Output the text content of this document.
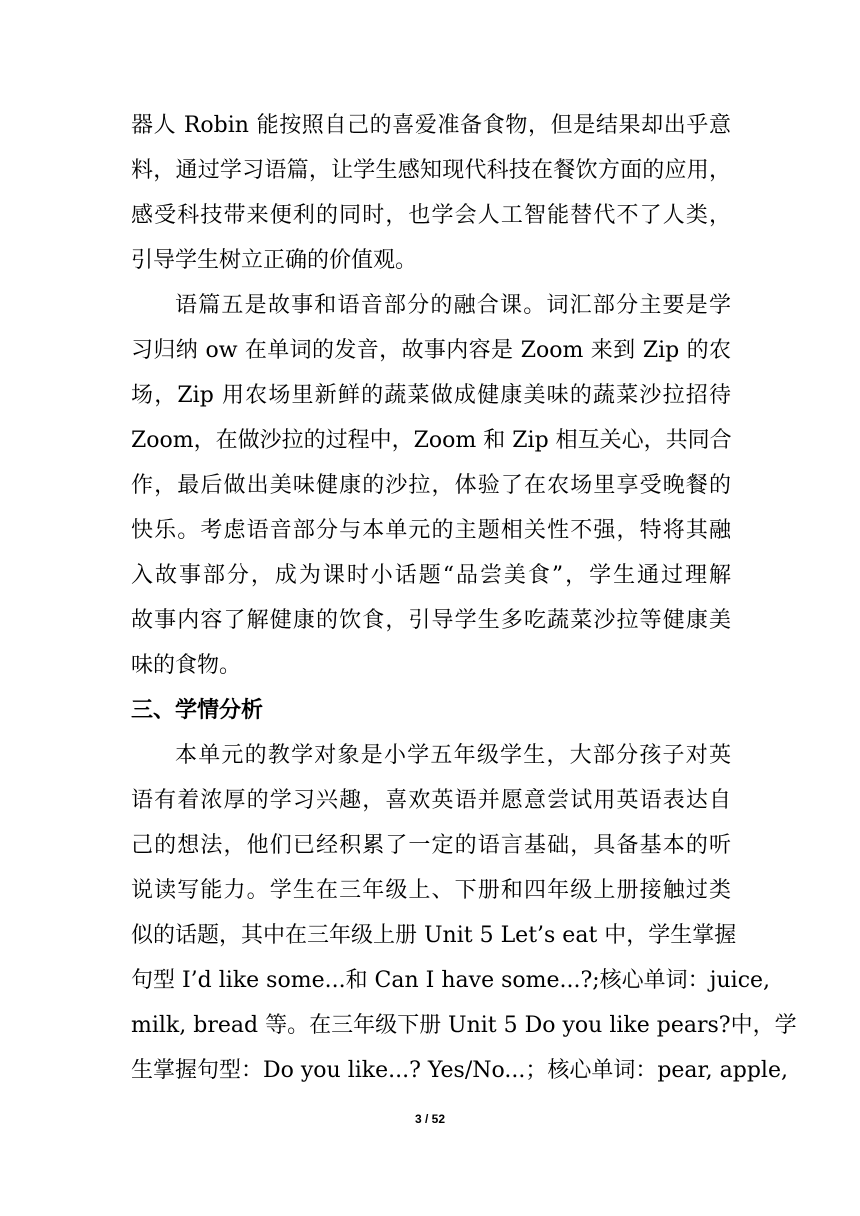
器人 Robin 能按照自己的喜爱准备食物，但是结果却出乎意
料，通过学习语篇，让学生感知现代科技在餐饮方面的应用，
感受科技带来便利的同时，也学会人工智能替代不了人类，
引导学生树立正确的价值观。
语篇五是故事和语音部分的融合课。词汇部分主要是学
习归纳 ow 在单词的发音，故事内容是 Zoom 来到 Zip 的农
场，Zip 用农场里新鲜的蔬菜做成健康美味的蔬菜沙拉招待
Zoom，在做沙拉的过程中，Zoom 和 Zip 相互关心，共同合
作，最后做出美味健康的沙拉，体验了在农场里享受晚餐的
快乐。考虑语音部分与本单元的主题相关性不强，特将其融
入故事部分，成为课时小话题“品尝美食”，学生通过理解
故事内容了解健康的饮食，引导学生多吃蔬菜沙拉等健康美
味的食物。
三、学情分析
本单元的教学对象是小学五年级学生，大部分孩子对英
语有着浓厚的学习兴趣，喜欢英语并愿意尝试用英语表达自
己的想法，他们已经积累了一定的语言基础，具备基本的听
说读写能力。学生在三年级上、下册和四年级上册接触过类
似的话题，其中在三年级上册 Unit 5 Let’s eat 中，学生掌握
句型 I’d like some...和 Can I have some...?;核心单词：juice,
milk, bread 等。在三年级下册 Unit 5 Do you like pears?中，学
生掌握句型：Do you like...? Yes/No...；核心单词：pear, apple,
3 / 52
